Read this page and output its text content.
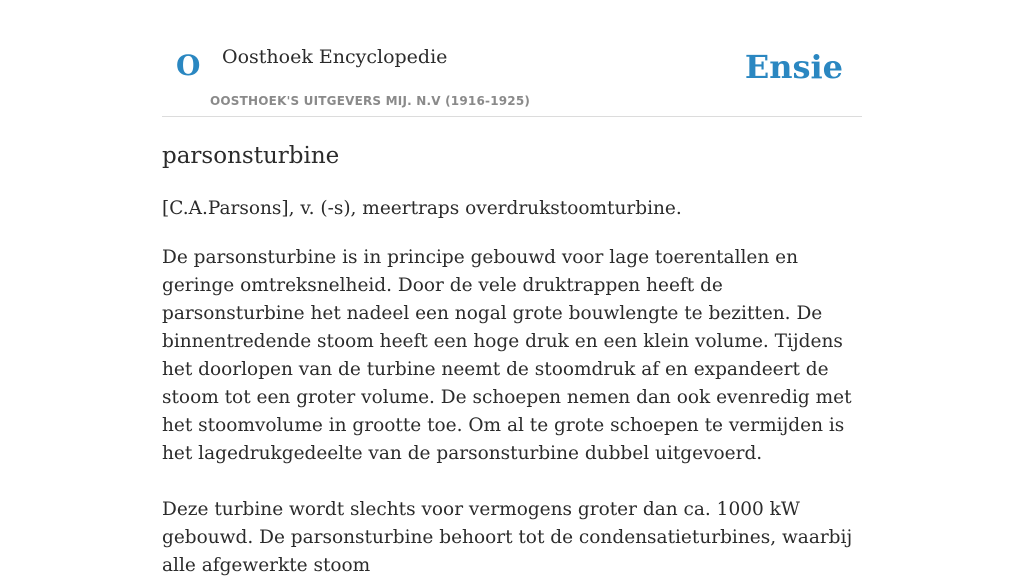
O Oosthoek Encyclopedie
OOSTHOEK'S UITGEVERS MIJ. N.V (1916-1925)
Ensie
parsonsturbine

[C.A.Parsons], v. (-s), meertraps overdrukstoomturbine.

De parsonsturbine is in principe gebouwd voor lage toerentallen en geringe omtreksnelheid. Door de vele druktrappen heeft de parsonsturbine het nadeel een nogal grote bouwlengte te bezitten. De binnentredende stoom heeft een hoge druk en een klein volume. Tijdens het doorlopen van de turbine neemt de stoomdruk af en expandeert de stoom tot een groter volume. De schoepen nemen dan ook evenredig met het stoomvolume in grootte toe. Om al te grote schoepen te vermijden is het lagedrukgedeelte van de parsonsturbine dubbel uitgevoerd.

Deze turbine wordt slechts voor vermogens groter dan ca. 1000 kW gebouwd. De parsonsturbine behoort tot de condensatieturbines, waarbij alle afgewerkte stoom
